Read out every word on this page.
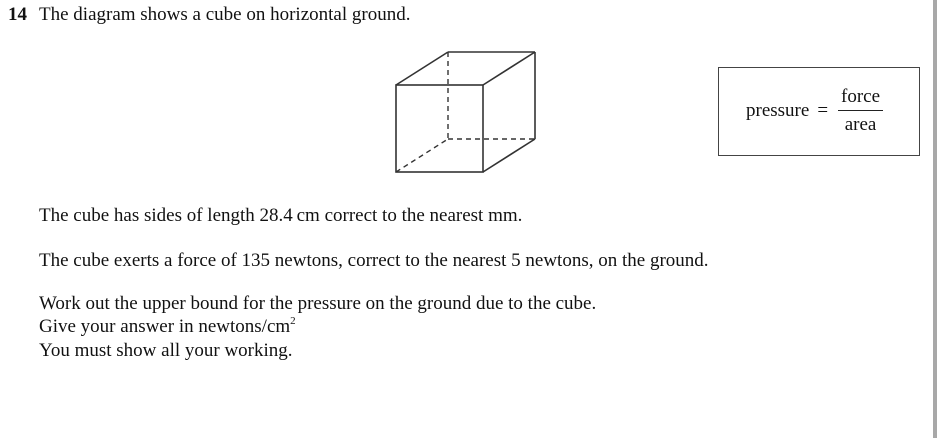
14 The diagram shows a cube on horizontal ground.
pressure = $\frac{\text{force}}{\text{area}}$
The cube has sides of length 28.4 cm correct to the nearest mm.
The cube exerts a force of 135 newtons, correct to the nearest 5 newtons, on the ground.
Work out the upper bound for the pressure on the ground due to the cube.
Give your answer in newtons/$cm^2$
You must show all your working.
